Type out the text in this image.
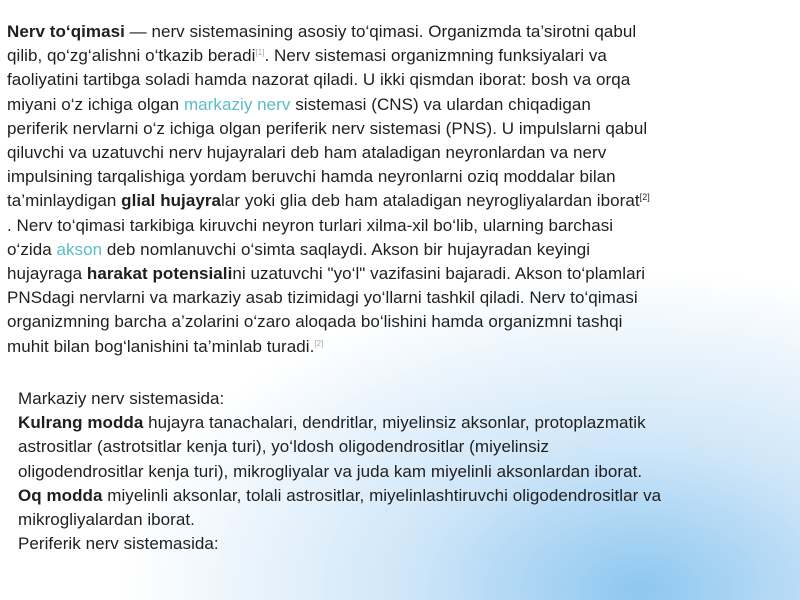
Nerv to‘qimasi — nerv sistemasining asosiy to‘qimasi. Organizmda ta’sirotni qabul
qilib, qo‘zg‘alishni o‘tkazib beradi[1]. Nerv sistemasi organizmning funksiyalari va
faoliyatini tartibga soladi hamda nazorat qiladi. U ikki qismdan iborat: bosh va orqa
miyani o‘z ichiga olgan markaziy nerv sistemasi (CNS) va ulardan chiqadigan
periferik nervlarni o‘z ichiga olgan periferik nerv sistemasi (PNS). U impulslarni qabul
qiluvchi va uzatuvchi nerv hujayralari deb ham ataladigan neyronlardan va nerv
impulsining tarqalishiga yordam beruvchi hamda neyronlarni oziq moddalar bilan
ta’minlaydigan glial hujayralar yoki glia deb ham ataladigan neyrogliyalardan iborat[2]
. Nerv to‘qimasi tarkibiga kiruvchi neyron turlari xilma-xil bo‘lib, ularning barchasi
o‘zida akson deb nomlanuvchi o‘simta saqlaydi. Akson bir hujayradan keyingi
hujayraga harakat potensialini uzatuvchi "yo‘l" vazifasini bajaradi. Akson to‘plamlari
PNSdagi nervlarni va markaziy asab tizimidagi yo‘llarni tashkil qiladi. Nerv to‘qimasi
organizmning barcha a’zolarini o‘zaro aloqada bo‘lishini hamda organizmni tashqi
muhit bilan bog‘lanishini ta’minlab turadi.[2]
Markaziy nerv sistemasida:
Kulrang modda hujayra tanachalari, dendritlar, miyelinsiz aksonlar, protoplazmatik
astrositlar (astrotsitlar kenja turi), yo‘ldosh oligodendrositlar (miyelinsiz
oligodendrositlar kenja turi), mikrogliyalar va juda kam miyelinli aksonlardan iborat.
Oq modda miyelinli aksonlar, tolali astrositlar, miyelinlashtiruvchi oligodendrositlar va
mikrogliyalardan iborat.
Periferik nerv sistemasida:
